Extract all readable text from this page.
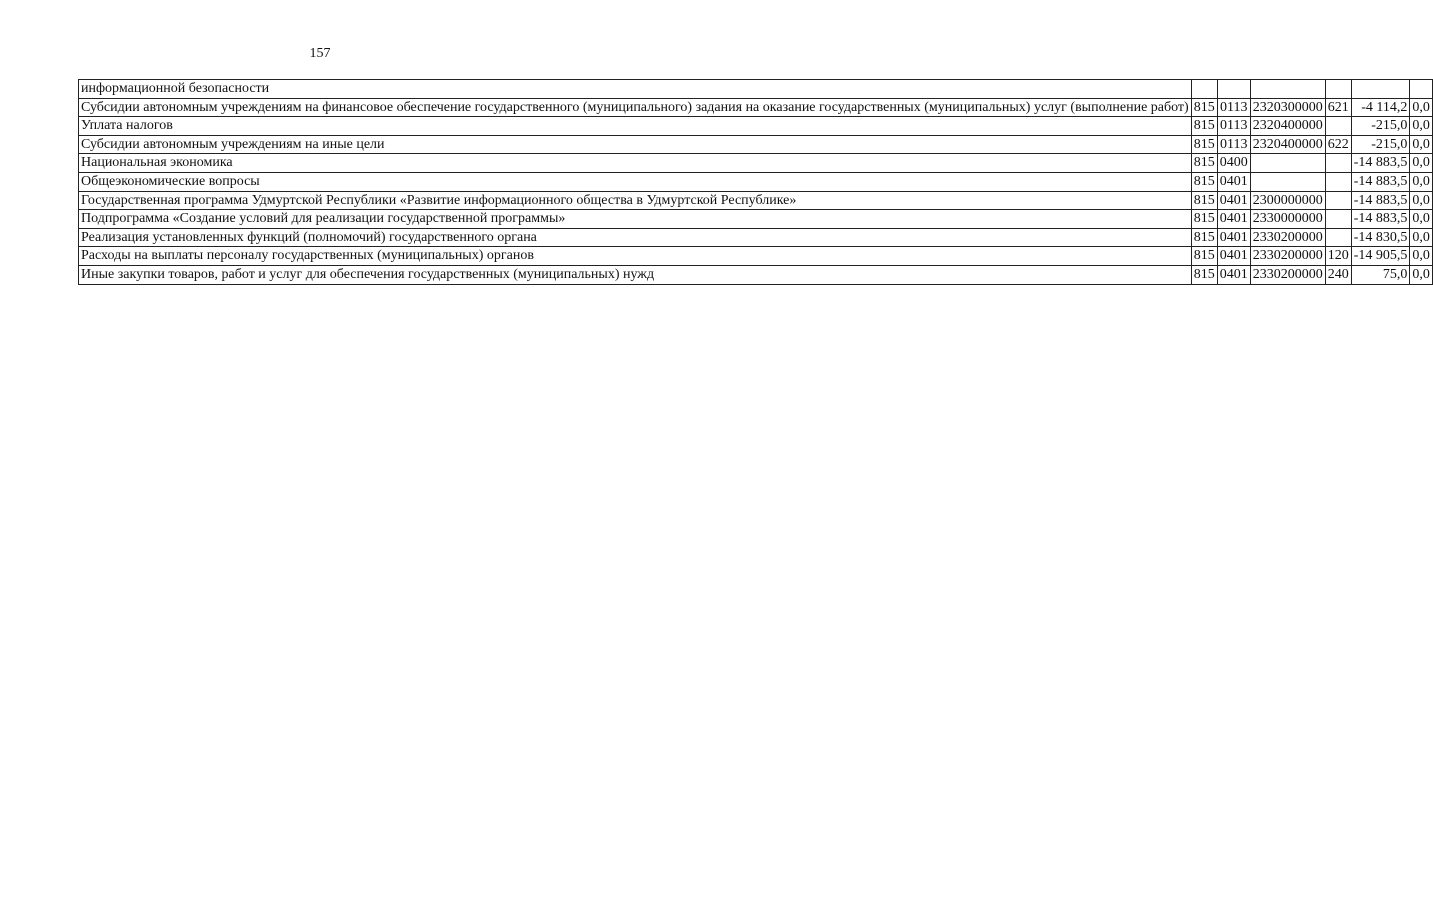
157
информационной безопасности						
Субсидии автономным учреждениям на финансовое обеспечение государственного (муниципального) задания на оказание государственных (муниципальных) услуг (выполнение работ)	815	0113	2320300000	621	-4 114,2	0,0
Уплата налогов	815	0113	2320400000		-215,0	0,0
Субсидии автономным учреждениям на иные цели	815	0113	2320400000	622	-215,0	0,0
Национальная экономика	815	0400			-14 883,5	0,0
Общеэкономические вопросы	815	0401			-14 883,5	0,0
Государственная программа Удмуртской Республики «Развитие информационного общества в Удмуртской Республике»	815	0401	2300000000		-14 883,5	0,0
Подпрограмма «Создание условий для реализации государственной программы»	815	0401	2330000000		-14 883,5	0,0
Реализация установленных функций (полномочий) государственного органа	815	0401	2330200000		-14 830,5	0,0
Расходы на выплаты персоналу государственных (муниципальных) органов	815	0401	2330200000	120	-14 905,5	0,0
Иные закупки товаров, работ и услуг для обеспечения государственных (муниципальных) нужд	815	0401	2330200000	240	75,0	0,0
